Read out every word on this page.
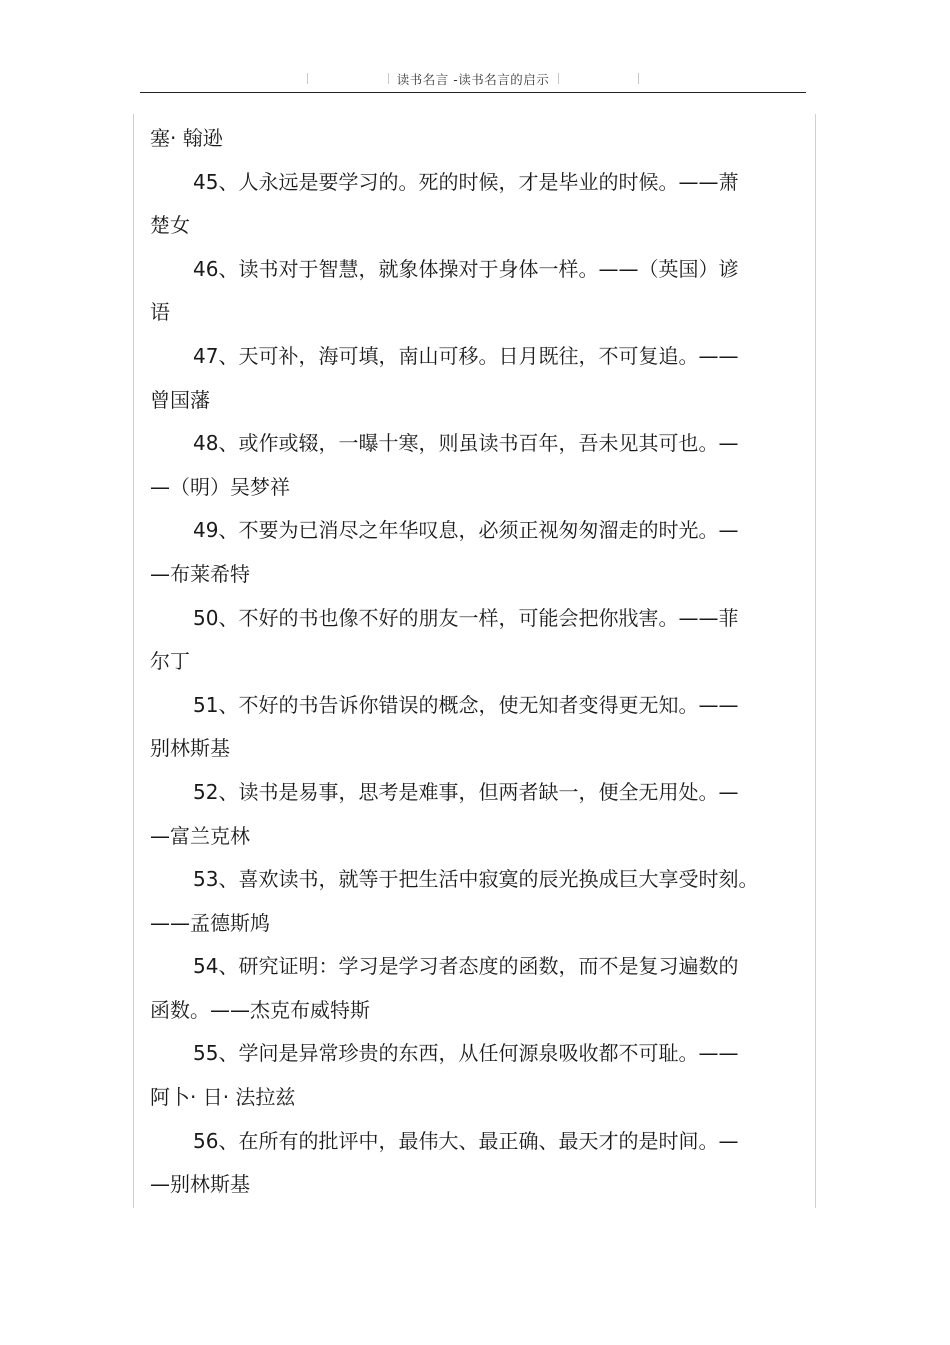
读书名言 -读书名言的启示
塞· 翰逊
45、人永远是要学习的。死的时候，才是毕业的时候。——萧
楚女
46、读书对于智慧，就象体操对于身体一样。——（英国）谚
语
47、天可补，海可填，南山可移。日月既往，不可复追。——
曾国藩
48、或作或辍，一曝十寒，则虽读书百年，吾未见其可也。—
—（明）吴梦祥
49、不要为已消尽之年华叹息，必须正视匆匆溜走的时光。—
—布莱希特
50、不好的书也像不好的朋友一样，可能会把你戕害。——菲
尔丁
51、不好的书告诉你错误的概念，使无知者变得更无知。——
别林斯基
52、读书是易事，思考是难事，但两者缺一，便全无用处。—
—富兰克林
53、喜欢读书，就等于把生活中寂寞的辰光换成巨大享受时刻。
——孟德斯鸠
54、研究证明：学习是学习者态度的函数，而不是复习遍数的
函数。——杰克布威特斯
55、学问是异常珍贵的东西，从任何源泉吸收都不可耻。——
阿卜· 日· 法拉兹
56、在所有的批评中，最伟大、最正确、最天才的是时间。—
—别林斯基
